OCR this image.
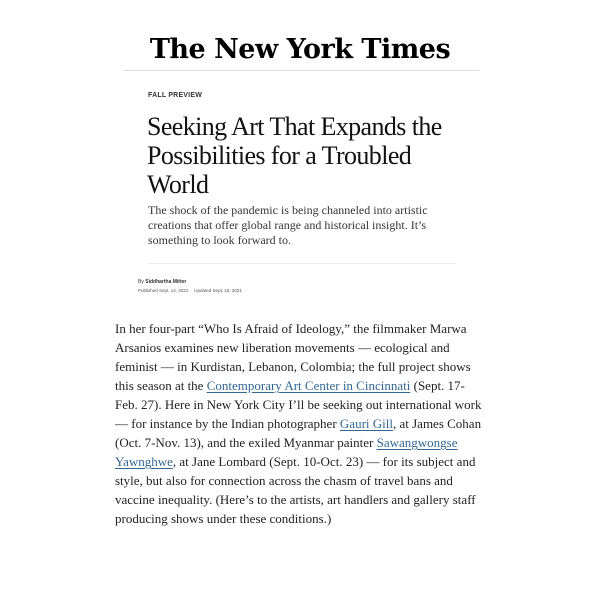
The New York Times
FALL PREVIEW
Seeking Art That Expands the Possibilities for a Troubled World

The shock of the pandemic is being channeled into artistic creations that offer global range and historical insight. It’s something to look forward to.

By Siddhartha Mitter
Published Sept. 14, 2021 Updated Sept. 15, 2021

In her four-part “Who Is Afraid of Ideology,” the filmmaker Marwa Arsanios examines new liberation movements — ecological and feminist — in Kurdistan, Lebanon, Colombia; the full project shows this season at the Contemporary Art Center in Cincinnati (Sept. 17-Feb. 27). Here in New York City I’ll be seeking out international work — for instance by the Indian photographer Gauri Gill, at James Cohan (Oct. 7-Nov. 13), and the exiled Myanmar painter Sawangwongse Yawnghwe, at Jane Lombard (Sept. 10-Oct. 23) — for its subject and style, but also for connection across the chasm of travel bans and vaccine inequality. (Here’s to the artists, art handlers and gallery staff producing shows under these conditions.)
